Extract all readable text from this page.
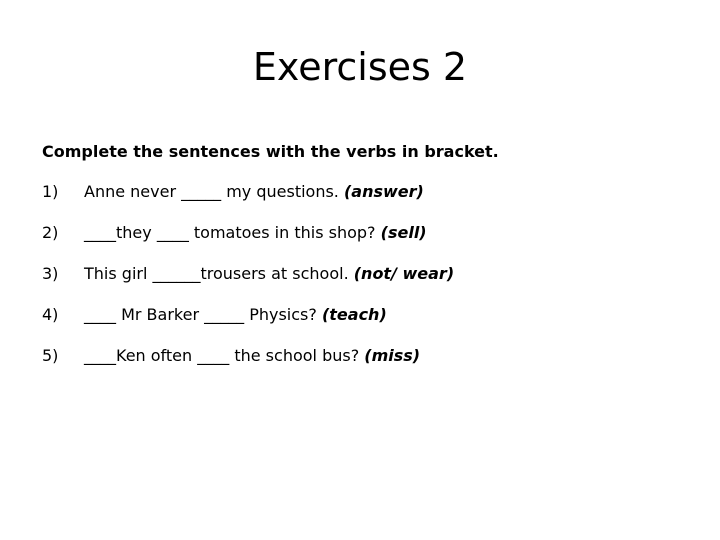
Exercises 2
Complete the sentences with the verbs in bracket.
1)	Anne never _____ my questions. (answer)
2)	____they ____ tomatoes in this shop? (sell)
3)	This girl ______trousers at school. (not/ wear)
4)	____ Mr Barker _____ Physics? (teach)
5)	____Ken often ____ the school bus? (miss)
